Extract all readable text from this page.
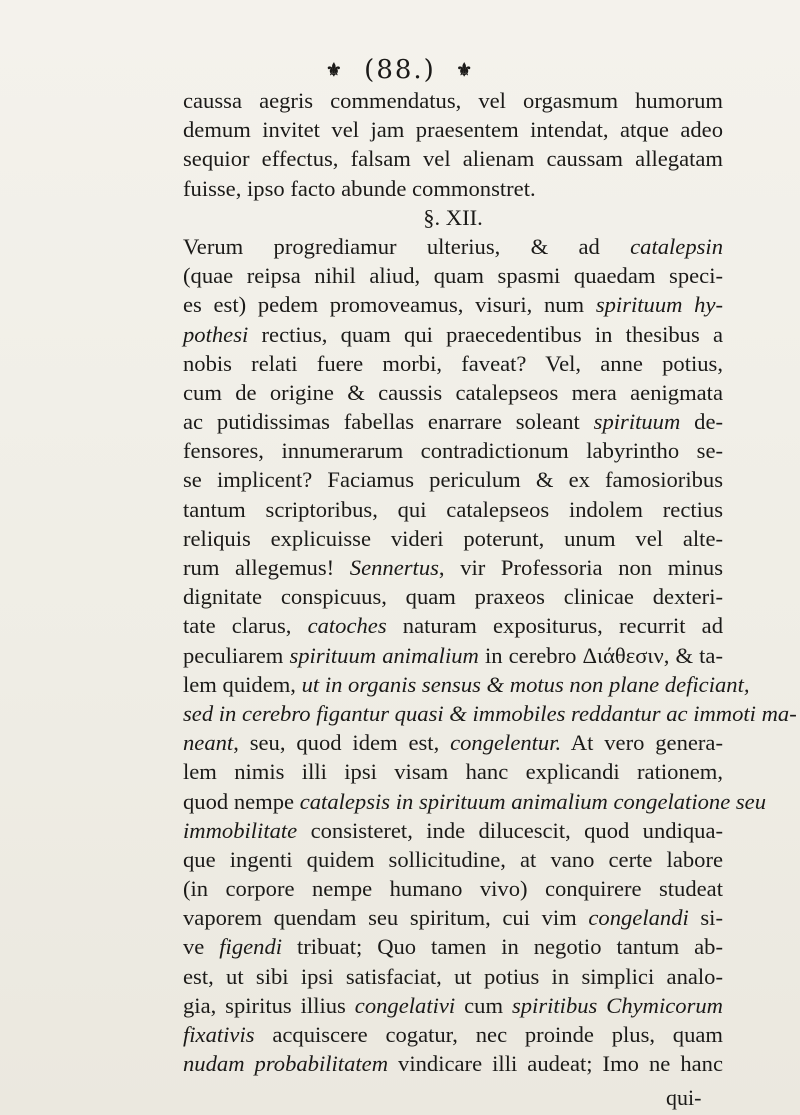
⚜ (88.) ⚜
caussa aegris commendatus, vel orgasmum humorum
demum invitet vel jam praesentem intendat, atque adeo
sequior effectus, falsam vel alienam caussam allegatam
fuisse, ipso facto abunde commonstret.
§. XII.
Verum progrediamur ulterius, & ad catalepsin
(quae reipsa nihil aliud, quam spasmi quaedam speci-
es est) pedem promoveamus, visuri, num spirituum hy-
pothesi rectius, quam qui praecedentibus in thesibus a
nobis relati fuere morbi, faveat? Vel, anne potius,
cum de origine & caussis catalepseos mera aenigmata
ac putidissimas fabellas enarrare soleant spirituum de-
fensores, innumerarum contradictionum labyrintho se-
se implicent? Faciamus periculum & ex famosioribus
tantum scriptoribus, qui catalepseos indolem rectius
reliquis explicuisse videri poterunt, unum vel alte-
rum allegemus! Sennertus, vir Professoria non minus
dignitate conspicuus, quam praxeos clinicae dexteri-
tate clarus, catoches naturam expositurus, recurrit ad
peculiarem spirituum animalium in cerebro Διάθεσιν, & ta-
lem quidem, ut in organis sensus & motus non plane deficiant,
sed in cerebro figantur quasi & immobiles reddantur ac immoti ma-
neant, seu, quod idem est, congelentur. At vero genera-
lem nimis illi ipsi visam hanc explicandi rationem,
quod nempe catalepsis in spirituum animalium congelatione seu
immobilitate consisteret, inde dilucescit, quod undiqua-
que ingenti quidem sollicitudine, at vano certe labore
(in corpore nempe humano vivo) conquirere studeat
vaporem quendam seu spiritum, cui vim congelandi si-
ve figendi tribuat; Quo tamen in negotio tantum ab-
est, ut sibi ipsi satisfaciat, ut potius in simplici analo-
gia, spiritus illius congelativi cum spiritibus Chymicorum
fixativis acquiscere cogatur, nec proinde plus, quam
nudam probabilitatem vindicare illi audeat; Imo ne hanc
qui-
